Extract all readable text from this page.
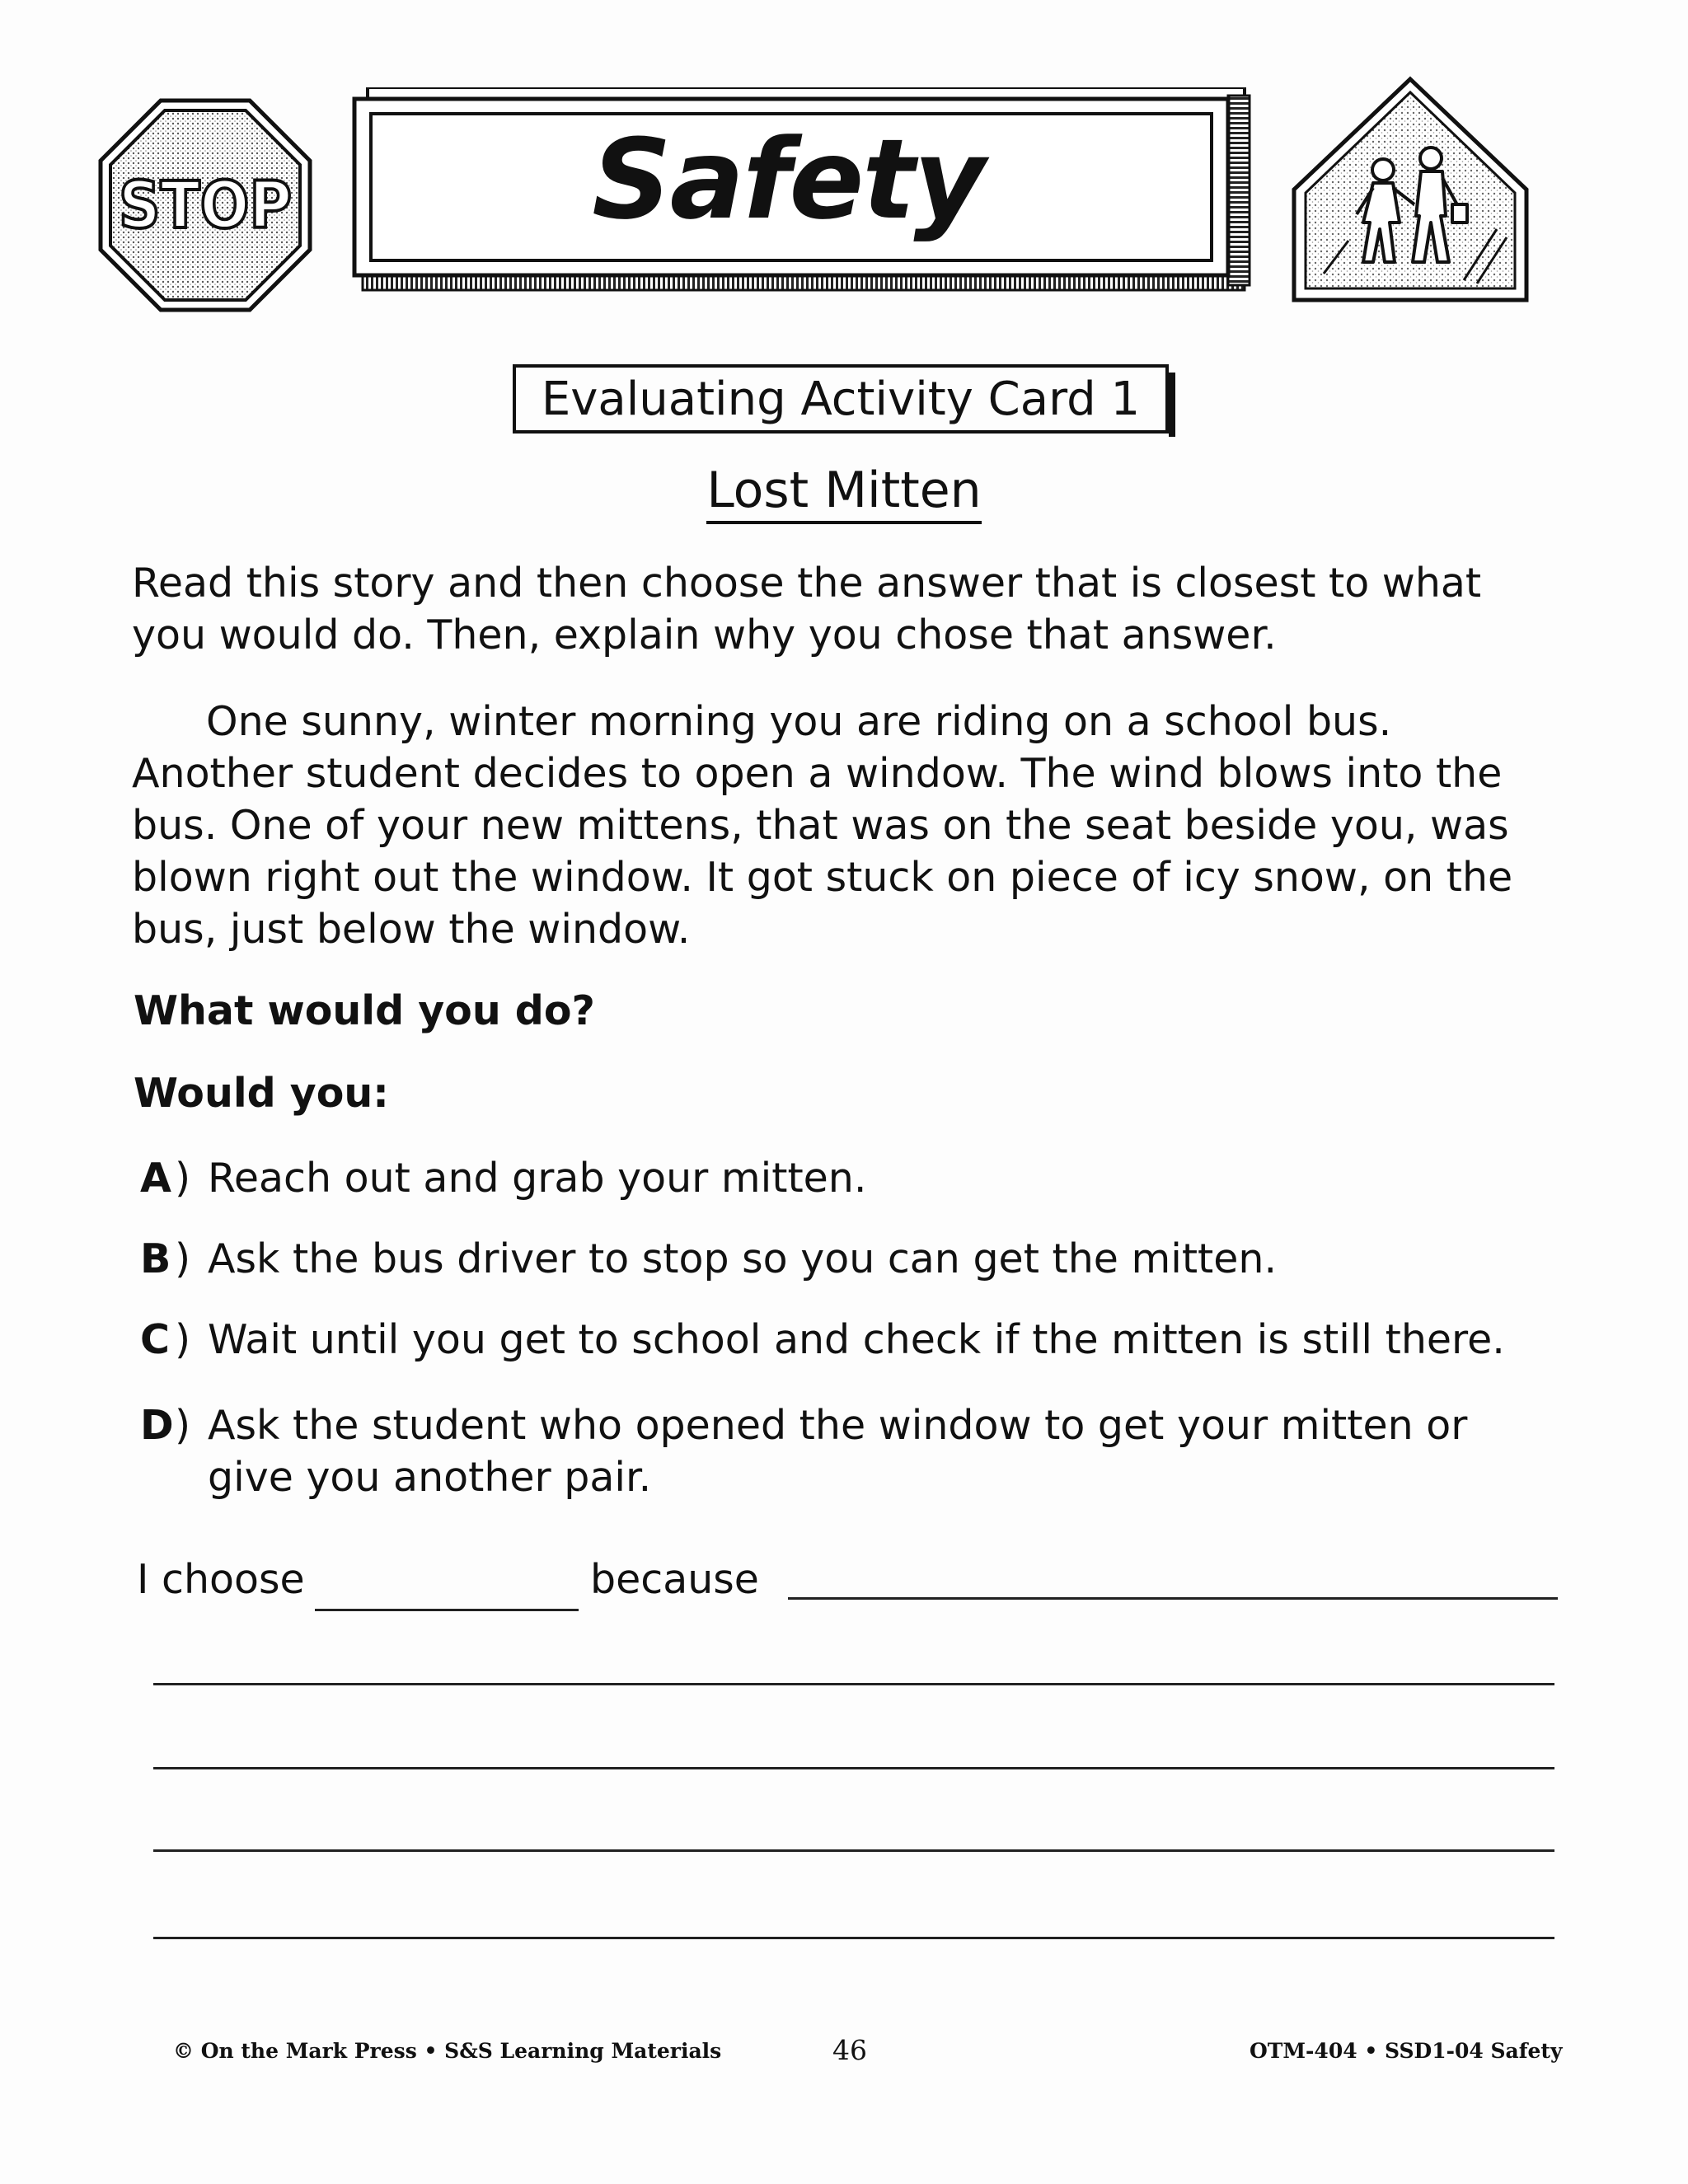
STOP	Safety
Evaluating Activity Card 1
Lost Mitten
Read this story and then choose the answer that is closest to what you would do. Then, explain why you chose that answer.
One sunny, winter morning you are riding on a school bus. Another student decides to open a window. The wind blows into the bus. One of your new mittens, that was on the seat beside you, was blown right out the window. It got stuck on piece of icy snow, on the bus, just below the window.
What would you do?
Would you:
A ) Reach out and grab your mitten.
B ) Ask the bus driver to stop so you can get the mitten.
C ) Wait until you get to school and check if the mitten is still there.
D ) Ask the student who opened the window to get your mitten or give you another pair.
I choose	because
© On the Mark Press • S&S Learning Materials	46	OTM-404 • SSD1-04 Safety
